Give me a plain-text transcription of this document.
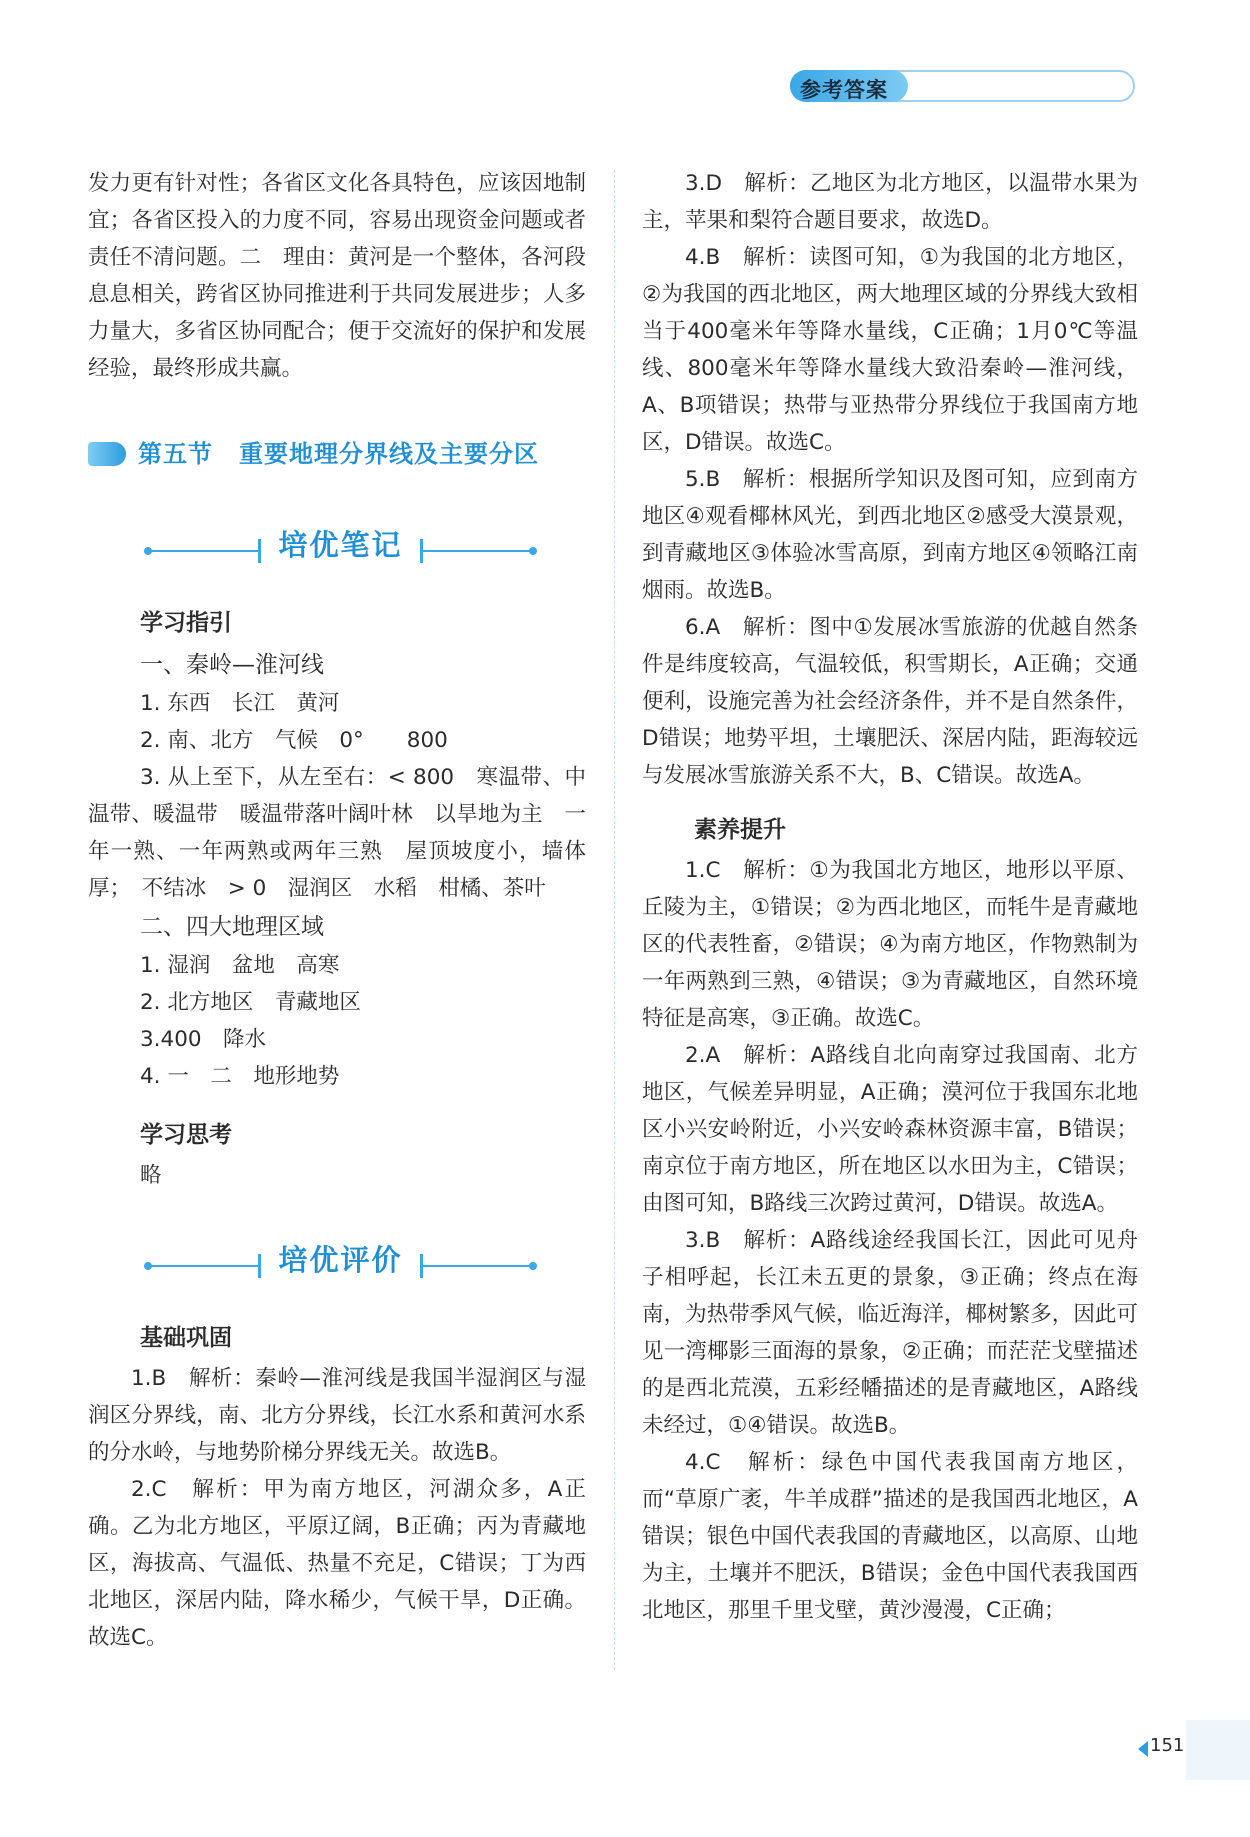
参考答案

发力更有针对性；各省区文化各具特色，应该因地制宜；各省区投入的力度不同，容易出现资金问题或者责任不清问题。二　理由：黄河是一个整体，各河段息息相关，跨省区协同推进利于共同发展进步；人多力量大，多省区协同配合；便于交流好的保护和发展经验，最终形成共赢。

第五节 重要地理分界线及主要分区
培优笔记
学习指引
一、秦岭—淮河线

1. 东西　长江　黄河

2. 南、北方　气候　0°　　800

3. 从上至下，从左至右：< 800　寒温带、中温带、暖温带　暖温带落叶阔叶林　以旱地为主　一年一熟、一年两熟或两年三熟　屋顶坡度小，墙体厚；　不结冰　> 0　湿润区　水稻　柑橘、茶叶

二、四大地理区域

1. 湿润　盆地　高寒

2. 北方地区　青藏地区

3.400　降水

4. 一　二　地形地势

学习思考

略

培优评价
基础巩固

1.B　解析：秦岭—淮河线是我国半湿润区与湿润区分界线，南、北方分界线，长江水系和黄河水系的分水岭，与地势阶梯分界线无关。故选B。

2.C　解析：甲为南方地区，河湖众多，A正确。乙为北方地区，平原辽阔，B正确；丙为青藏地区，海拔高、气温低、热量不充足，C错误；丁为西北地区，深居内陆，降水稀少，气候干旱，D正确。故选C。

3.D　解析：乙地区为北方地区，以温带水果为主，苹果和梨符合题目要求，故选D。

4.B　解析：读图可知，①为我国的北方地区，②为我国的西北地区，两大地理区域的分界线大致相当于400毫米年等降水量线，C正确；1月0℃等温线、800毫米年等降水量线大致沿秦岭—淮河线，A、B项错误；热带与亚热带分界线位于我国南方地区，D错误。故选C。

5.B　解析：根据所学知识及图可知，应到南方地区④观看椰林风光，到西北地区②感受大漠景观，到青藏地区③体验冰雪高原，到南方地区④领略江南烟雨。故选B。

6.A　解析：图中①发展冰雪旅游的优越自然条件是纬度较高，气温较低，积雪期长，A正确；交通便利，设施完善为社会经济条件，并不是自然条件，D错误；地势平坦，土壤肥沃、深居内陆，距海较远与发展冰雪旅游关系不大，B、C错误。故选A。

素养提升

1.C　解析：①为我国北方地区，地形以平原、丘陵为主，①错误；②为西北地区，而牦牛是青藏地区的代表牲畜，②错误；④为南方地区，作物熟制为一年两熟到三熟，④错误；③为青藏地区，自然环境特征是高寒，③正确。故选C。

2.A　解析：A路线自北向南穿过我国南、北方地区，气候差异明显，A正确；漠河位于我国东北地区小兴安岭附近，小兴安岭森林资源丰富，B错误；南京位于南方地区，所在地区以水田为主，C错误；由图可知，B路线三次跨过黄河，D错误。故选A。

3.B　解析：A路线途经我国长江，因此可见舟子相呼起，长江未五更的景象，③正确；终点在海南，为热带季风气候，临近海洋，椰树繁多，因此可见一湾椰影三面海的景象，②正确；而茫茫戈壁描述的是西北荒漠，五彩经幡描述的是青藏地区，A路线未经过，①④错误。故选B。

4.C　解析：绿色中国代表我国南方地区，而“草原广袤，牛羊成群”描述的是我国西北地区，A错误；银色中国代表我国的青藏地区，以高原、山地为主，土壤并不肥沃，B错误；金色中国代表我国西北地区，那里千里戈壁，黄沙漫漫，C正确；

151
